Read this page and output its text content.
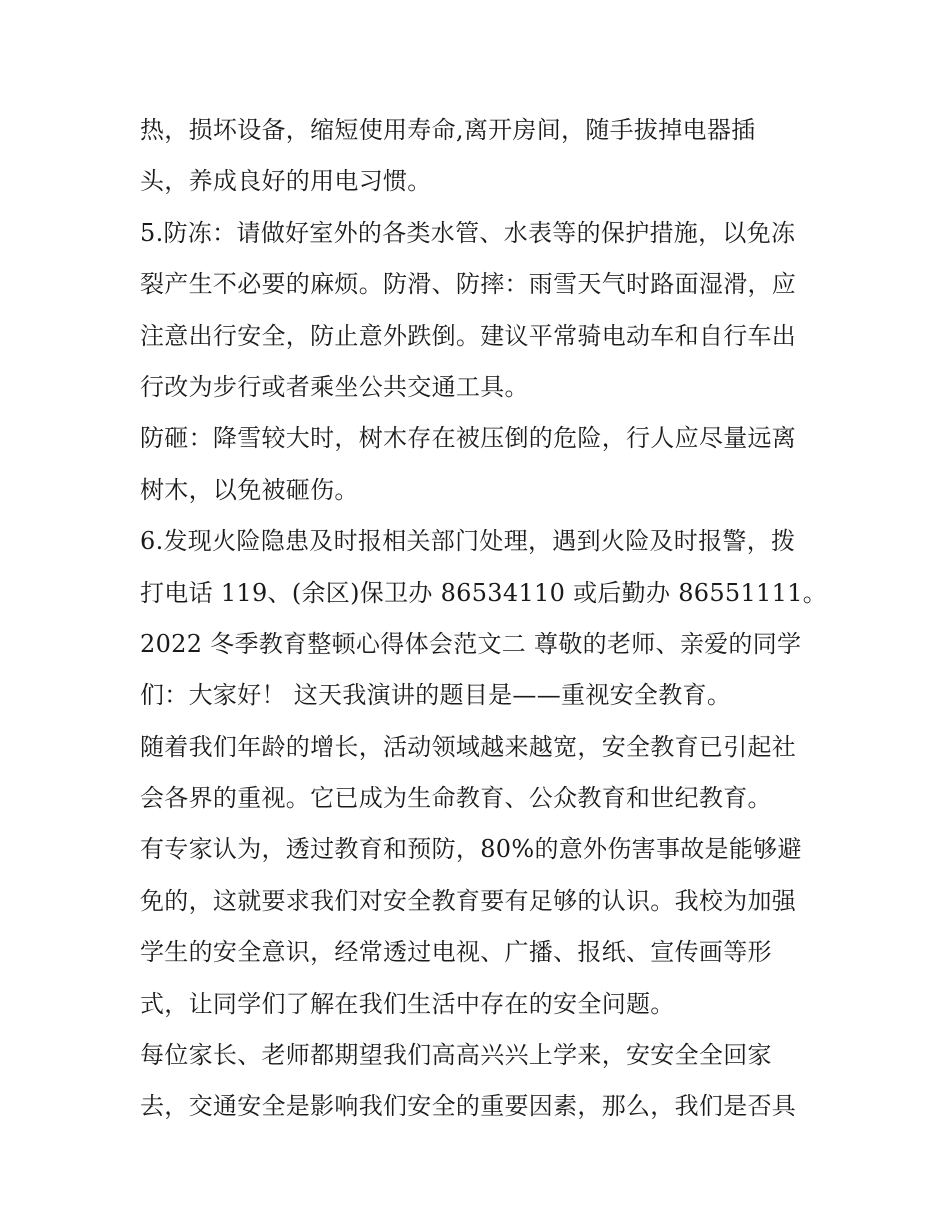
热，损坏设备，缩短使用寿命,离开房间，随手拔掉电器插
头，养成良好的用电习惯。
5.防冻：请做好室外的各类水管、水表等的保护措施，以免冻
裂产生不必要的麻烦。防滑、防摔：雨雪天气时路面湿滑，应
注意出行安全，防止意外跌倒。建议平常骑电动车和自行车出
行改为步行或者乘坐公共交通工具。
防砸：降雪较大时，树木存在被压倒的危险，行人应尽量远离
树木，以免被砸伤。
6.发现火险隐患及时报相关部门处理，遇到火险及时报警，拨
打电话 119、(余区)保卫办 86534110 或后勤办 86551111。
2022 冬季教育整顿心得体会范文二 尊敬的老师、亲爱的同学
们：大家好！ 这天我演讲的题目是——重视安全教育。
随着我们年龄的增长，活动领域越来越宽，安全教育已引起社
会各界的重视。它已成为生命教育、公众教育和世纪教育。
有专家认为，透过教育和预防，80%的意外伤害事故是能够避
免的，这就要求我们对安全教育要有足够的认识。我校为加强
学生的安全意识，经常透过电视、广播、报纸、宣传画等形
式，让同学们了解在我们生活中存在的安全问题。
每位家长、老师都期望我们高高兴兴上学来，安安全全回家
去，交通安全是影响我们安全的重要因素，那么，我们是否具
